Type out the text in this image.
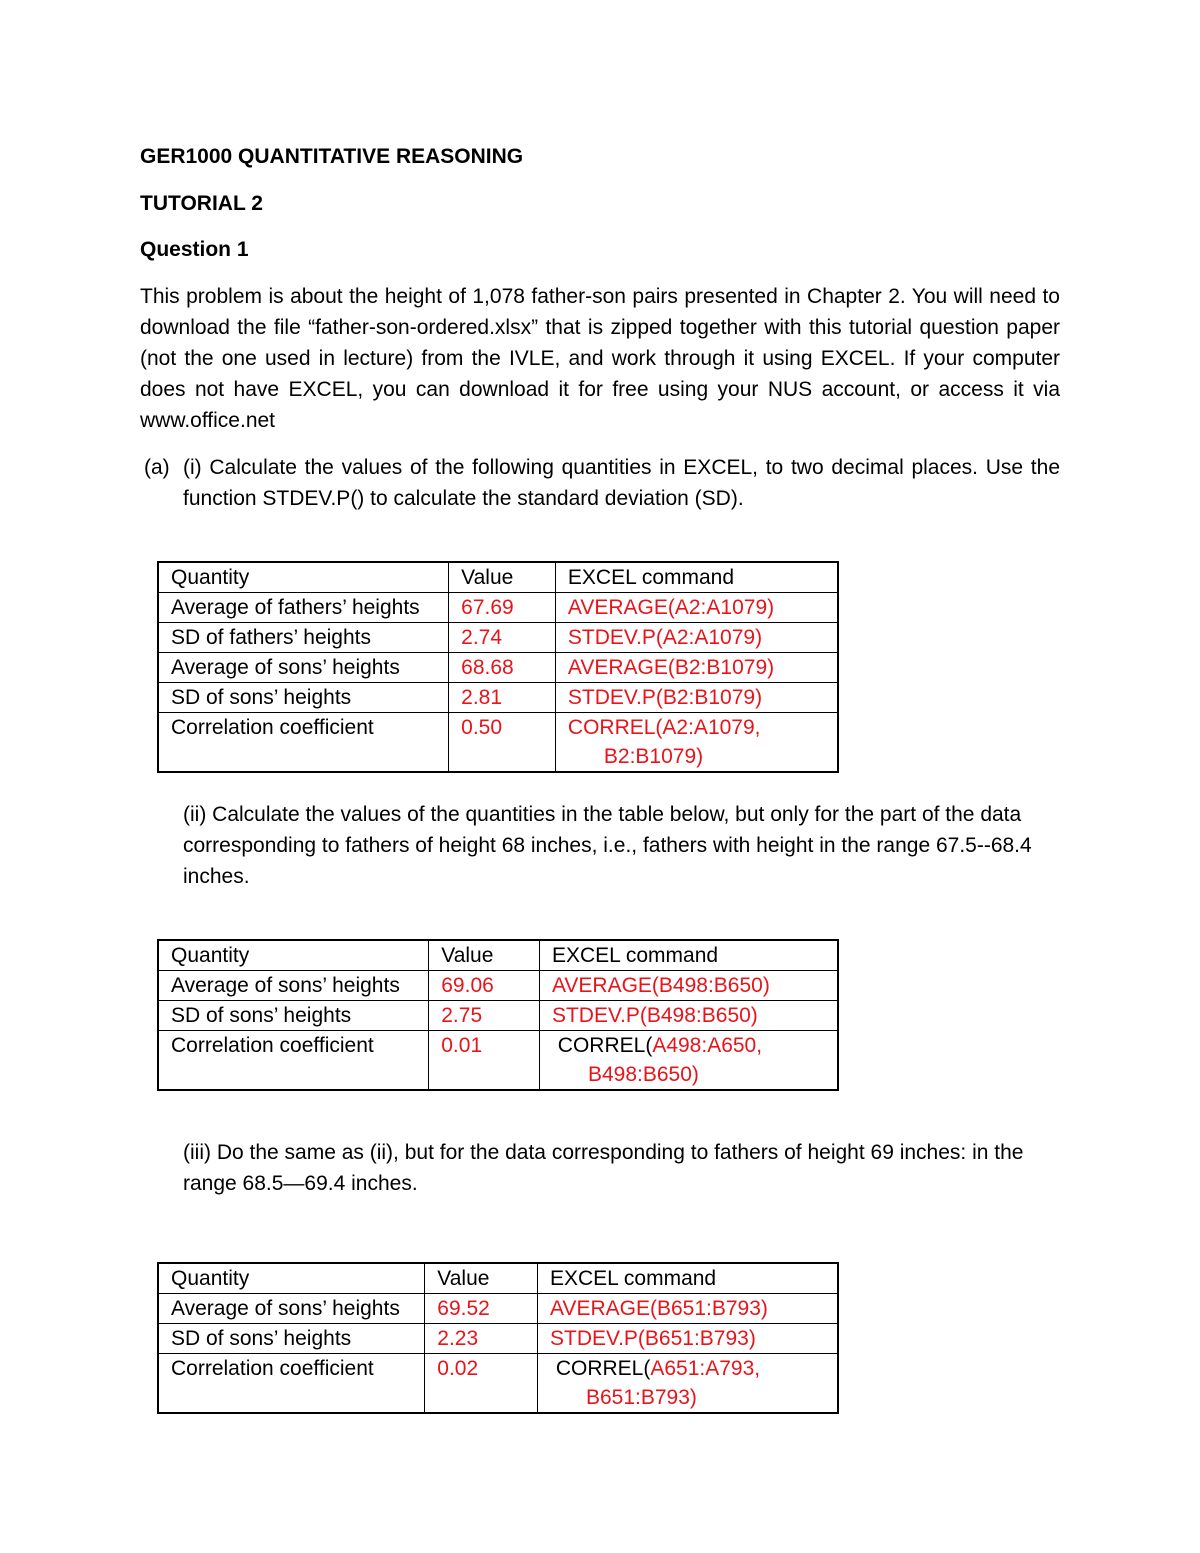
GER1000 QUANTITATIVE REASONING
TUTORIAL 2
Question 1
This problem is about the height of 1,078 father-son pairs presented in Chapter 2. You will need to download the file “father-son-ordered.xlsx” that is zipped together with this tutorial question paper (not the one used in lecture) from the IVLE, and work through it using EXCEL. If your computer does not have EXCEL, you can download it for free using your NUS account, or access it via www.office.net
(a) (i) Calculate the values of the following quantities in EXCEL, to two decimal places. Use the function STDEV.P() to calculate the standard deviation (SD).
Quantity	Value	EXCEL command
Average of fathers’ heights	67.69	AVERAGE(A2:A1079)
SD of fathers’ heights	2.74	STDEV.P(A2:A1079)
Average of sons’ heights	68.68	AVERAGE(B2:B1079)
SD of sons’ heights	2.81	STDEV.P(B2:B1079)
Correlation coefficient	0.50	CORREL(A2:A1079,

B2:B1079)
(ii) Calculate the values of the quantities in the table below, but only for the part of the data corresponding to fathers of height 68 inches, i.e., fathers with height in the range 67.5--68.4 inches.
Quantity	Value	EXCEL command
Average of sons’ heights	69.06	AVERAGE(B498:B650)
SD of sons’ heights	2.75	STDEV.P(B498:B650)
Correlation coefficient	0.01	CORREL(A498:A650,

B498:B650)
(iii) Do the same as (ii), but for the data corresponding to fathers of height 69 inches: in the range 68.5—69.4 inches.
Quantity	Value	EXCEL command
Average of sons’ heights	69.52	AVERAGE(B651:B793)
SD of sons’ heights	2.23	STDEV.P(B651:B793)
Correlation coefficient	0.02	CORREL(A651:A793,

B651:B793)
